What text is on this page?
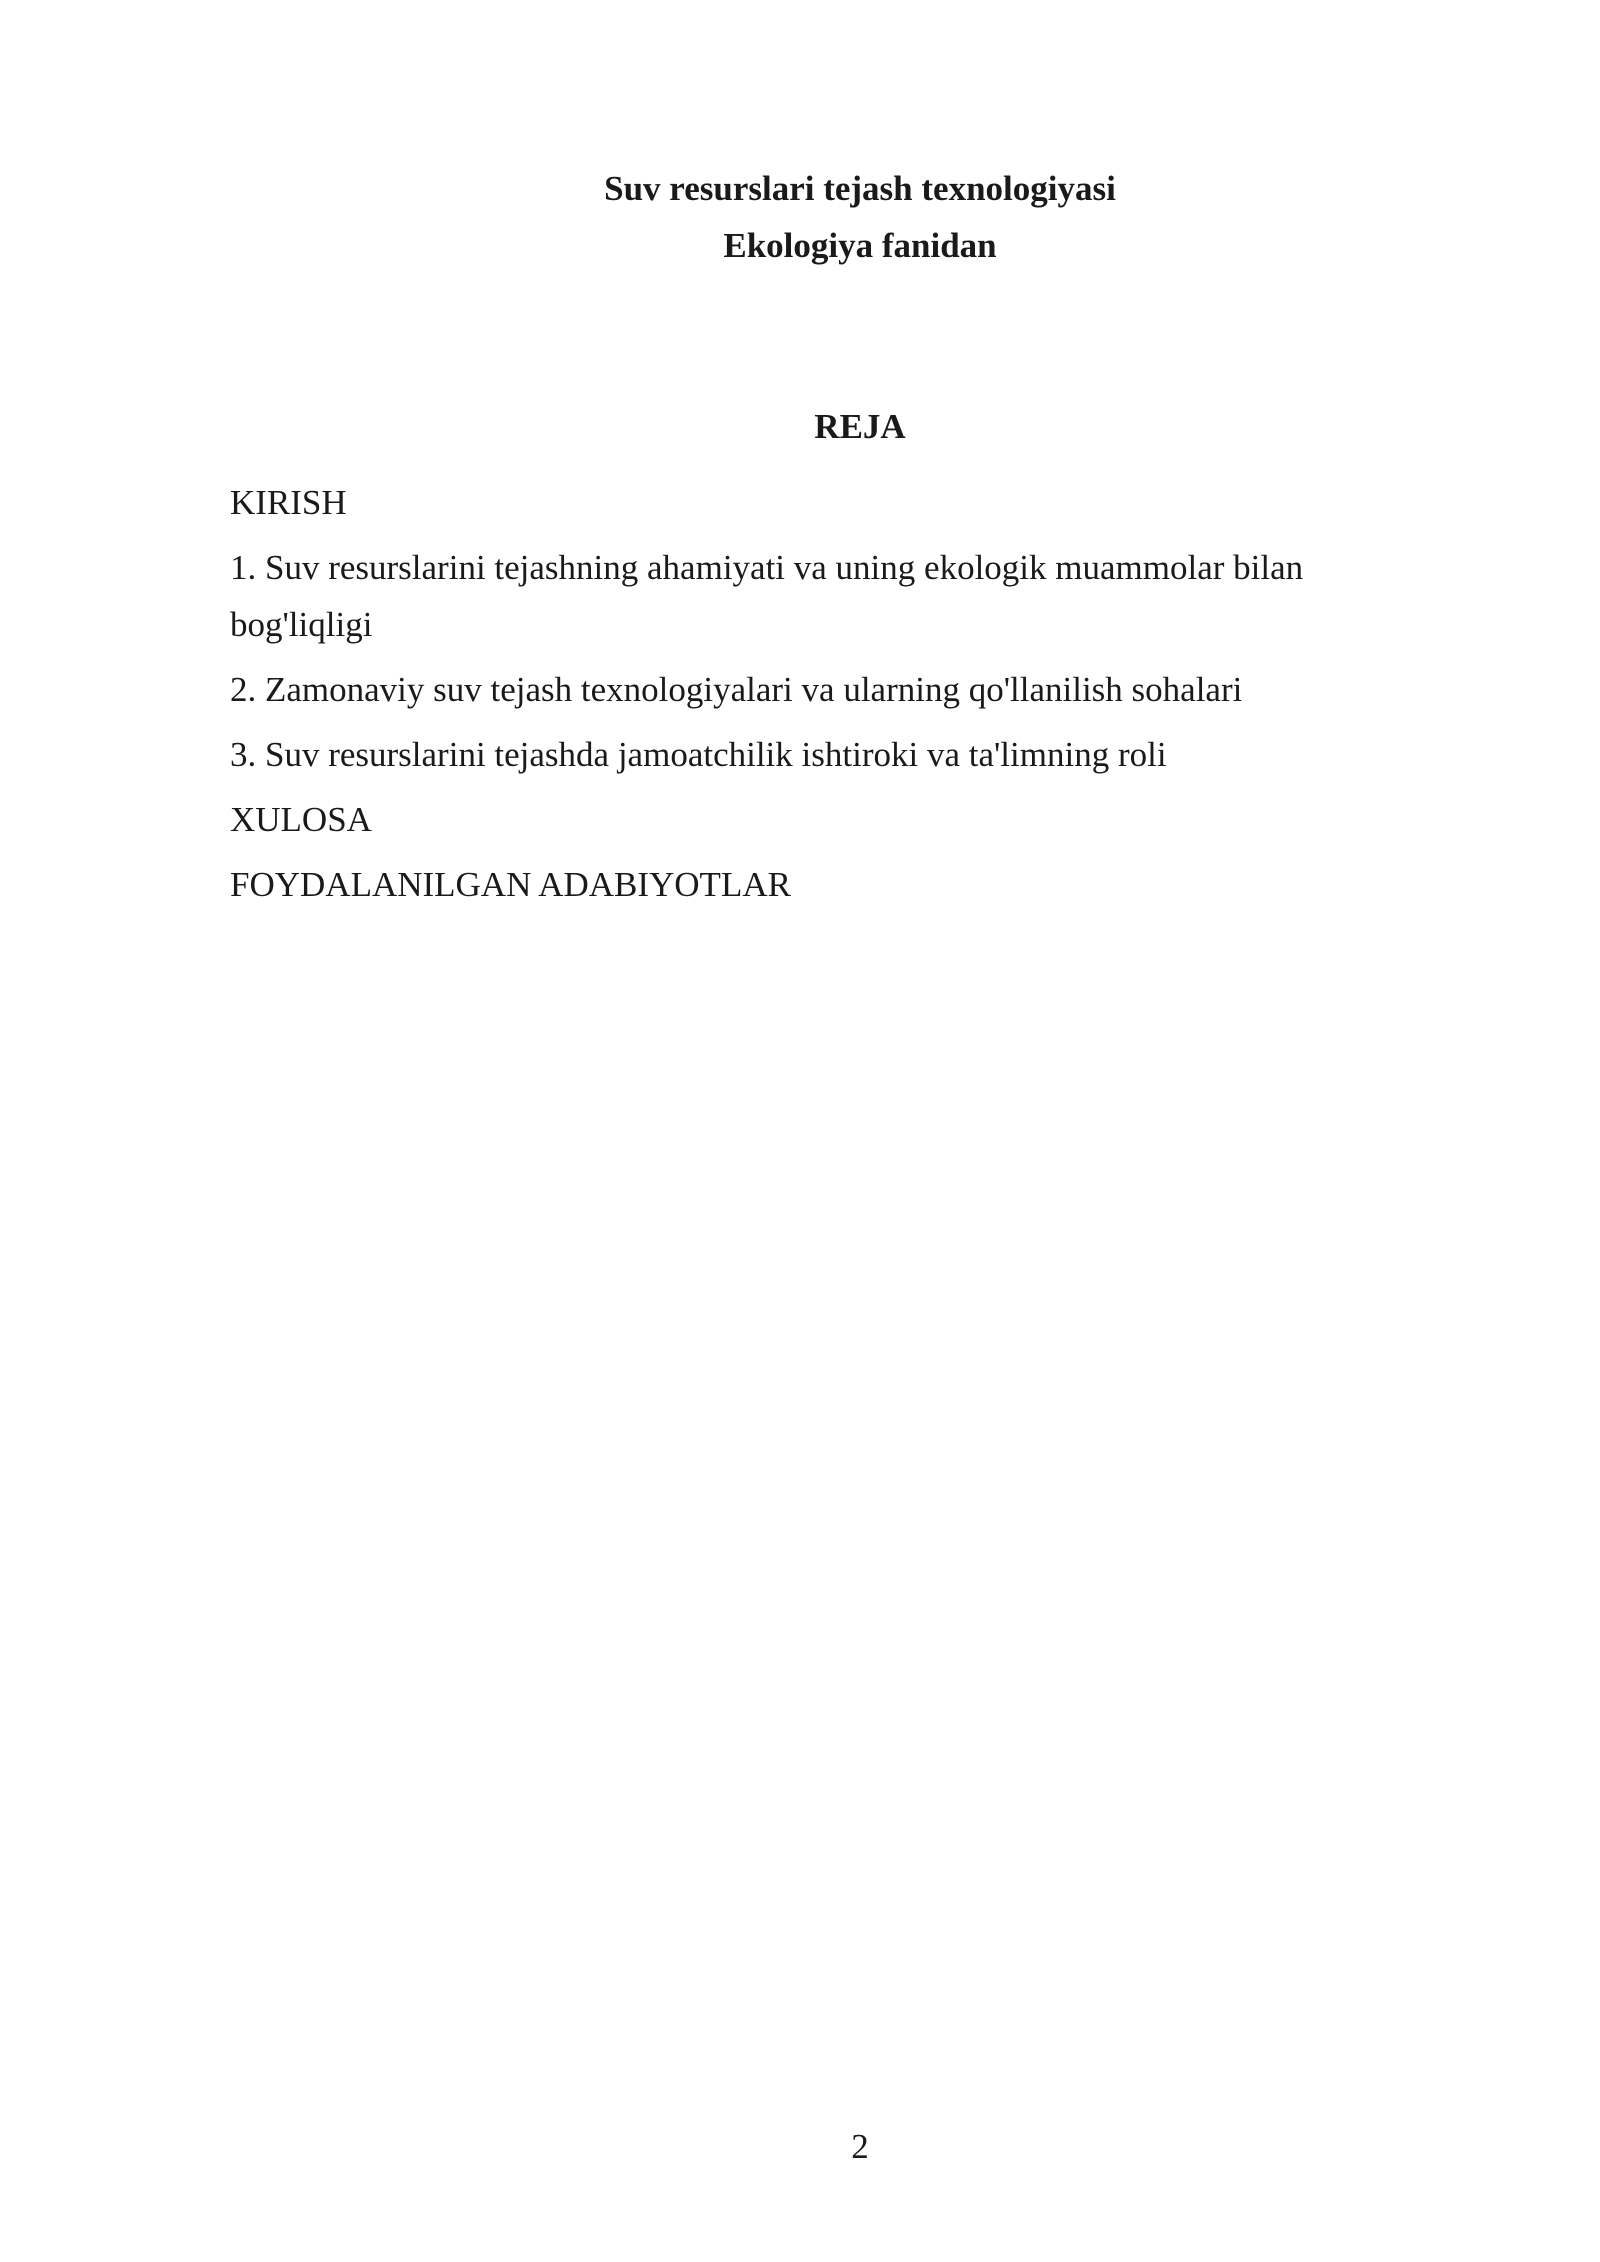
Suv resurslari tejash texnologiyasi

Ekologiya fanidan

REJA

KIRISH
1. Suv resurslarini tejashning ahamiyati va uning ekologik muammolar bilan bog'liqligi
2. Zamonaviy suv tejash texnologiyalari va ularning qo'llanilish sohalari
3. Suv resurslarini tejashda jamoatchilik ishtiroki va ta'limning roli
XULOSA
FOYDALANILGAN ADABIYOTLAR

2
